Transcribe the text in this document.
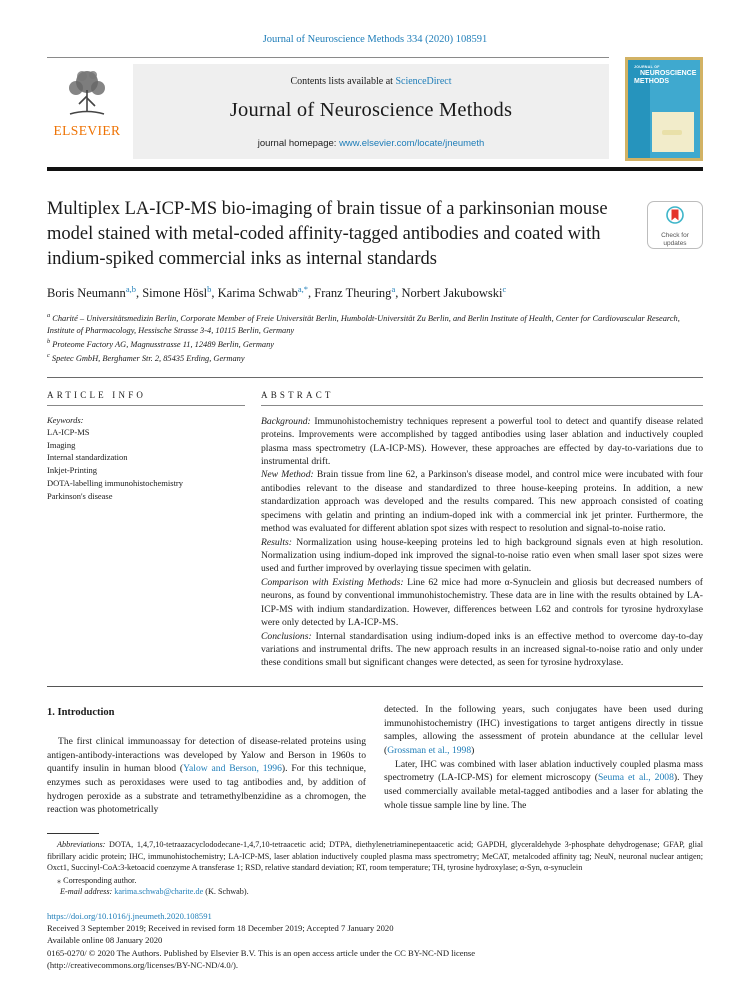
Journal of Neuroscience Methods 334 (2020) 108591
ELSEVIER
Contents lists available at ScienceDirect
Journal of Neuroscience Methods
journal homepage: www.elsevier.com/locate/jneumeth
JOURNAL OF
NEUROSCIENCE
METHODS
Multiplex LA-ICP-MS bio-imaging of brain tissue of a parkinsonian mouse model stained with metal-coded affinity-tagged antibodies and coated with indium-spiked commercial inks as internal standards
Check for updates
Boris Neumann$^{a,b}$, Simone Hösl$^b$, Karima Schwab$^{a,*}$, Franz Theuring$^a$, Norbert Jakubowski$^c$
$^a$ Charité – Universitätsmedizin Berlin, Corporate Member of Freie Universität Berlin, Humboldt-Universität Zu Berlin, and Berlin Institute of Health, Center for Cardiovascular Research, Institute of Pharmacology, Hessische Strasse 3-4, 10115 Berlin, Germany
$^b$ Proteome Factory AG, Magnusstrasse 11, 12489 Berlin, Germany
$^c$ Spetec GmbH, Berghamer Str. 2, 85435 Erding, Germany
ARTICLE INFO
Keywords:
LA-ICP-MS
Imaging
Internal standardization
Inkjet-Printing
DOTA-labelling immunohistochemistry
Parkinson's disease
ABSTRACT

Background: Immunohistochemistry techniques represent a powerful tool to detect and quantify disease related proteins. Improvements were accomplished by tagged antibodies using laser ablation and inductively coupled plasma mass spectrometry (LA-ICP-MS). However, these approaches are effected by day-to-variations due to instrumental drift.

New Method: Brain tissue from line 62, a Parkinson's disease model, and control mice were incubated with four antibodies relevant to the disease and standardized to three house-keeping proteins. In addition, a new standardization approach was developed and the results compared. This new approach consisted of coating specimens with gelatin and printing an indium-doped ink with a commercial ink jet printer. Furthermore, the method was evaluated for different ablation spot sizes with respect to resolution and signal-to-noise ratio.

Results: Normalization using house-keeping proteins led to high background signals even at high resolution. Normalization using indium-doped ink improved the signal-to-noise ratio even when small laser spot sizes were used and further improved by overlaying tissue specimen with gelatin.

Comparison with Existing Methods: Line 62 mice had more α-Synuclein and gliosis but decreased numbers of neurons, as found by conventional immunohistochemistry. These data are in line with the results obtained by LA-ICP-MS with indium standardization. However, differences between L62 and controls for tyrosine hydroxylase were only detected by LA-ICP-MS.

Conclusions: Internal standardisation using indium-doped inks is an effective method to overcome day-to-day variations and instrumental drifts. The new approach results in an increased signal-to-noise ratio and only under these conditions small but significant changes were detected, as seen for tyrosine hydroxylase.

1. Introduction

The first clinical immunoassay for detection of disease-related proteins using antigen-antibody-interactions was developed by Yalow and Berson in 1960s to quantify insulin in human blood (Yalow and Berson, 1996). For this technique, enzymes such as peroxidases were used to tag antibodies and, by addition of hydrogen peroxide as a substrate and tetramethylbenzidine as a chromogen, the reaction was photometrically

detected. In the following years, such conjugates have been used during immunohistochemistry (IHC) investigations to target antigens directly in tissue samples, allowing the assessment of protein abundance at the cellular level (Grossman et al., 1998)

Later, IHC was combined with laser ablation inductively coupled plasma mass spectrometry (LA-ICP-MS) for element microscopy (Seuma et al., 2008). They used commercially available metal-tagged antibodies and a laser for ablating the whole tissue sample line by line. The

Abbreviations: DOTA, 1,4,7,10-tetraazacyclododecane-1,4,7,10-tetraacetic acid; DTPA, diethylenetriaminepentaacetic acid; GAPDH, glyceraldehyde 3-phosphate dehydrogenase; GFAP, glial fibrillary acidic protein; IHC, immunohistochemistry; LA-ICP-MS, laser ablation inductively coupled plasma mass spectrometry; MeCAT, metalcoded affinity tag; NeuN, neuronal nuclear antigen; Oxct1, Succinyl-CoA:3-ketoacid coenzyme A transferase 1; RSD, relative standard deviation; RT, room temperature; TH, tyrosine hydroxylase; α-Syn, α-synuclein

⁎ Corresponding author.

E-mail address: karima.schwab@charite.de (K. Schwab).

https://doi.org/10.1016/j.jneumeth.2020.108591
Received 3 September 2019; Received in revised form 18 December 2019; Accepted 7 January 2020
Available online 08 January 2020
0165-0270/ © 2020 The Authors. Published by Elsevier B.V. This is an open access article under the CC BY-NC-ND license
(http://creativecommons.org/licenses/BY-NC-ND/4.0/).
